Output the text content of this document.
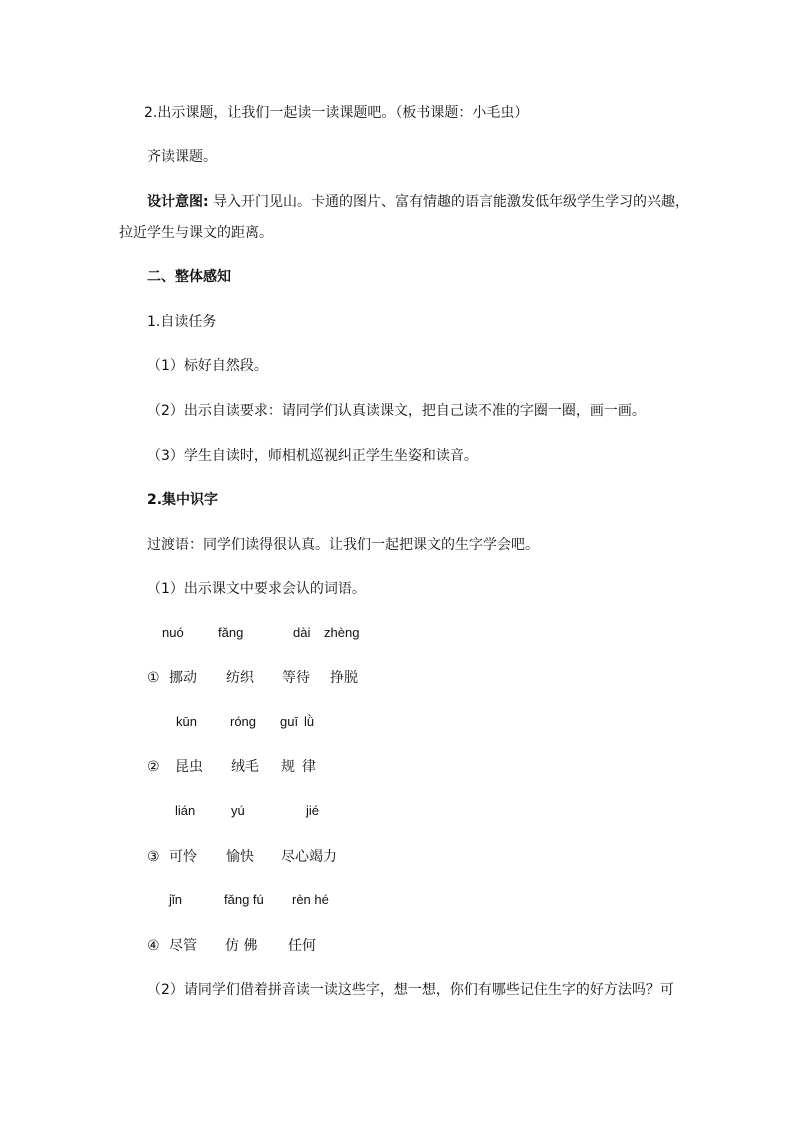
2.出示课题，让我们一起读一读课题吧。（板书课题：小毛虫）
齐读课题。
设计意图: 导入开门见山。卡通的图片、富有情趣的语言能激发低年级学生学习的兴趣，
拉近学生与课文的距离。
二、整体感知
1.自读任务
（1）标好自然段。
（2）出示自读要求：请同学们认真读课文，把自己读不准的字圈一圈，画一画。
（3）学生自读时，师相机巡视纠正学生坐姿和读音。
2.集中识字
过渡语：同学们读得很认真。让我们一起把课文的生字学会吧。
（1）出示课文中要求会认的词语。
nuó	fǎng	dài zhèng
① 挪动 纺织 等待 挣脱
kūn	róng guī lǜ
② 昆虫 绒毛 规 律
lián	yú	jié
③ 可怜 愉快 尽心竭力
jǐn	fǎng fú rèn hé
④ 尽管 仿 佛 任何
（2）请同学们借着拼音读一读这些字，想一想，你们有哪些记住生字的好方法吗？可
